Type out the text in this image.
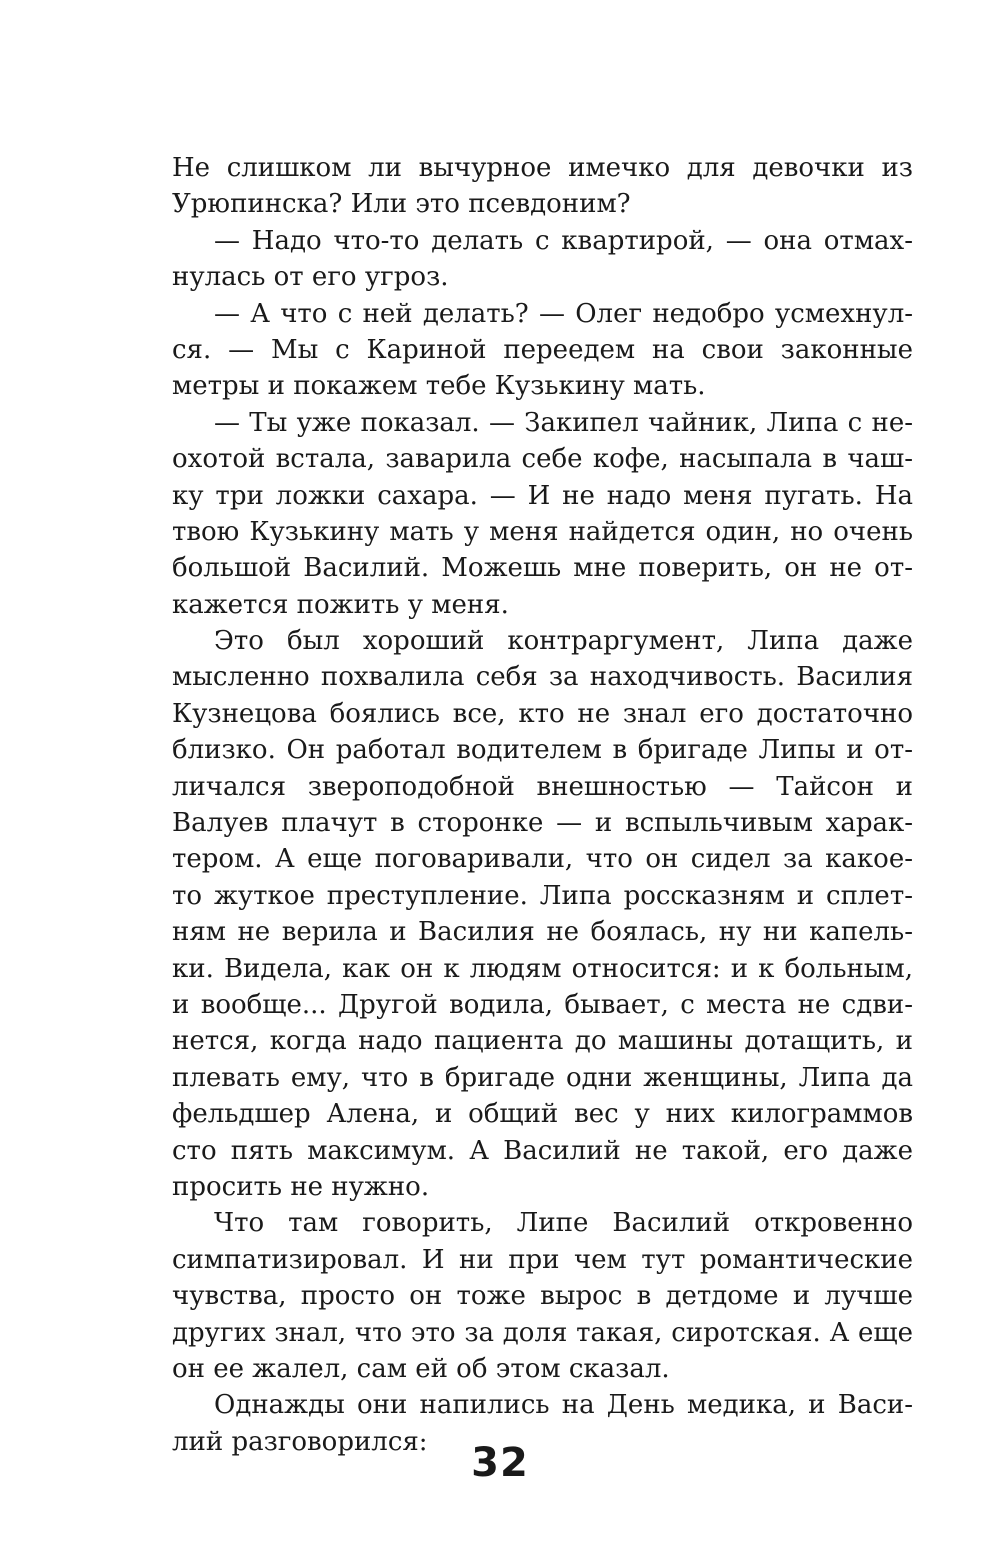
Не слишком ли вычурное имечко для девочки из
Урюпинска? Или это псевдоним?
— Надо что-то делать с квартирой, — она отмах-
нулась от его угроз.
— А что с ней делать? — Олег недобро усмехнул-
ся. — Мы с Кариной переедем на свои законные
метры и покажем тебе Кузькину мать.
— Ты уже показал. — Закипел чайник, Липа с не-
охотой встала, заварила себе кофе, насыпала в чаш-
ку три ложки сахара. — И не надо меня пугать. На
твою Кузькину мать у меня найдется один, но очень
большой Василий. Можешь мне поверить, он не от-
кажется пожить у меня.
Это был хороший контраргумент, Липа даже
мысленно похвалила себя за находчивость. Василия
Кузнецова боялись все, кто не знал его достаточно
близко. Он работал водителем в бригаде Липы и от-
личался звероподобной внешностью — Тайсон и
Валуев плачут в сторонке — и вспыльчивым харак-
тером. А еще поговаривали, что он сидел за какое-
то жуткое преступление. Липа россказням и сплет-
ням не верила и Василия не боялась, ну ни капель-
ки. Видела, как он к людям относится: и к больным,
и вообще... Другой водила, бывает, с места не сдви-
нется, когда надо пациента до машины дотащить, и
плевать ему, что в бригаде одни женщины, Липа да
фельдшер Алена, и общий вес у них килограммов
сто пять максимум. А Василий не такой, его даже
просить не нужно.
Что там говорить, Липе Василий откровенно
симпатизировал. И ни при чем тут романтические
чувства, просто он тоже вырос в детдоме и лучше
других знал, что это за доля такая, сиротская. А еще
он ее жалел, сам ей об этом сказал.
Однажды они напились на День медика, и Васи-
лий разговорился:	32
